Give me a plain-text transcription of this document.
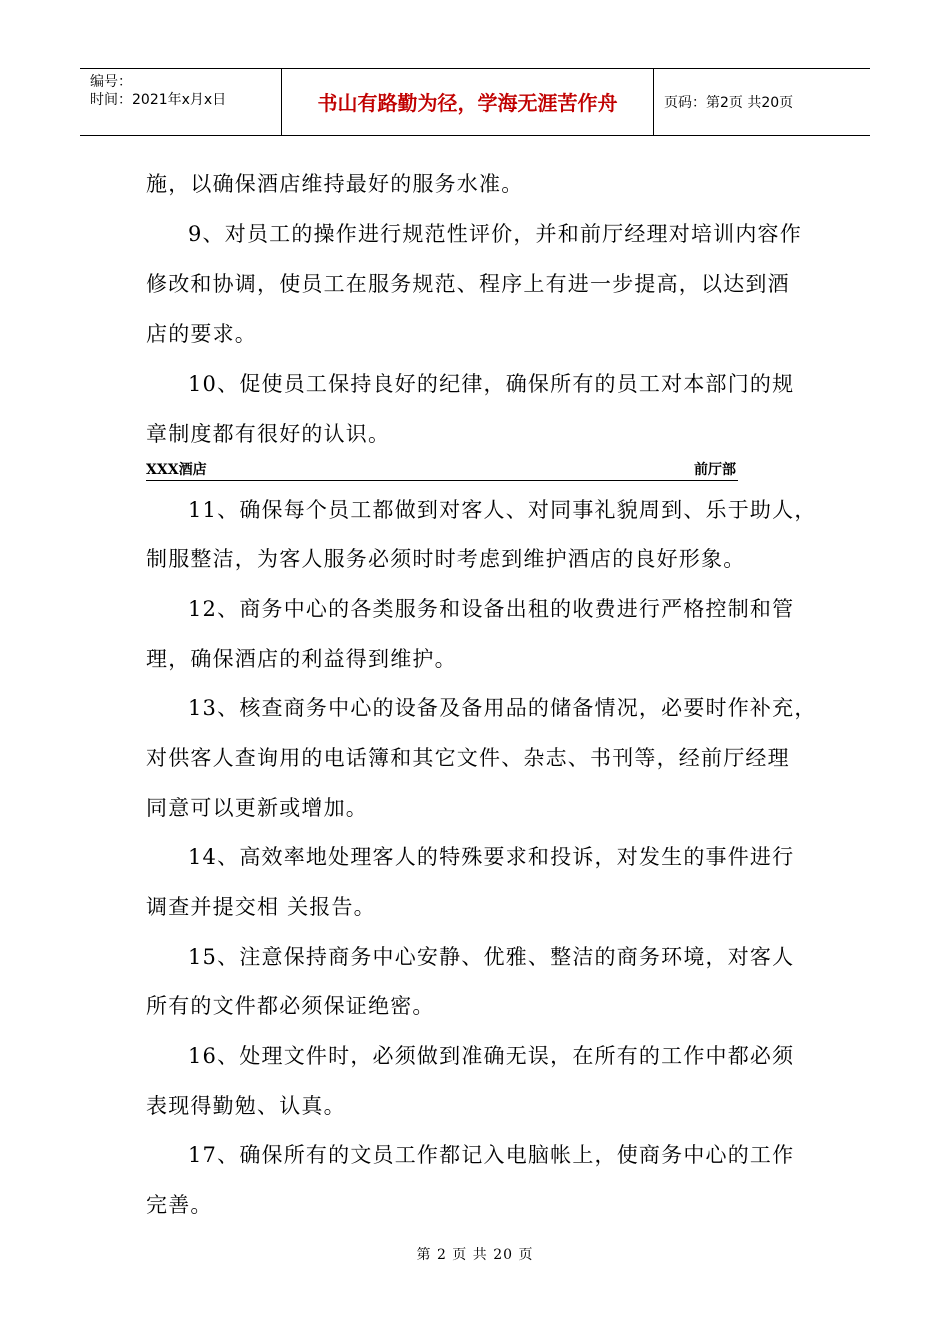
编号：
时间：2021年x月x日	书山有路勤为径，学海无涯苦作舟	页码：第2页 共20页
施，以确保酒店维持最好的服务水准。
9、对员工的操作进行规范性评价，并和前厅经理对培训内容作
修改和协调，使员工在服务规范、程序上有进一步提高，以达到酒
店的要求。
10、促使员工保持良好的纪律，确保所有的员工对本部门的规
章制度都有很好的认识。
XXX酒店	前厅部
11、确保每个员工都做到对客人、对同事礼貌周到、乐于助人，
制服整洁，为客人服务必须时时考虑到维护酒店的良好形象。
12、商务中心的各类服务和设备出租的收费进行严格控制和管
理，确保酒店的利益得到维护。
13、核查商务中心的设备及备用品的储备情况，必要时作补充，
对供客人查询用的电话簿和其它文件、杂志、书刊等，经前厅经理
同意可以更新或增加。
14、高效率地处理客人的特殊要求和投诉，对发生的事件进行
调查并提交相 关报告。
15、注意保持商务中心安静、优雅、整洁的商务环境，对客人
所有的文件都必须保证绝密。
16、处理文件时，必须做到准确无误，在所有的工作中都必须
表现得勤勉、认真。
17、确保所有的文员工作都记入电脑帐上，使商务中心的工作
完善。
第 2 页 共 20 页
